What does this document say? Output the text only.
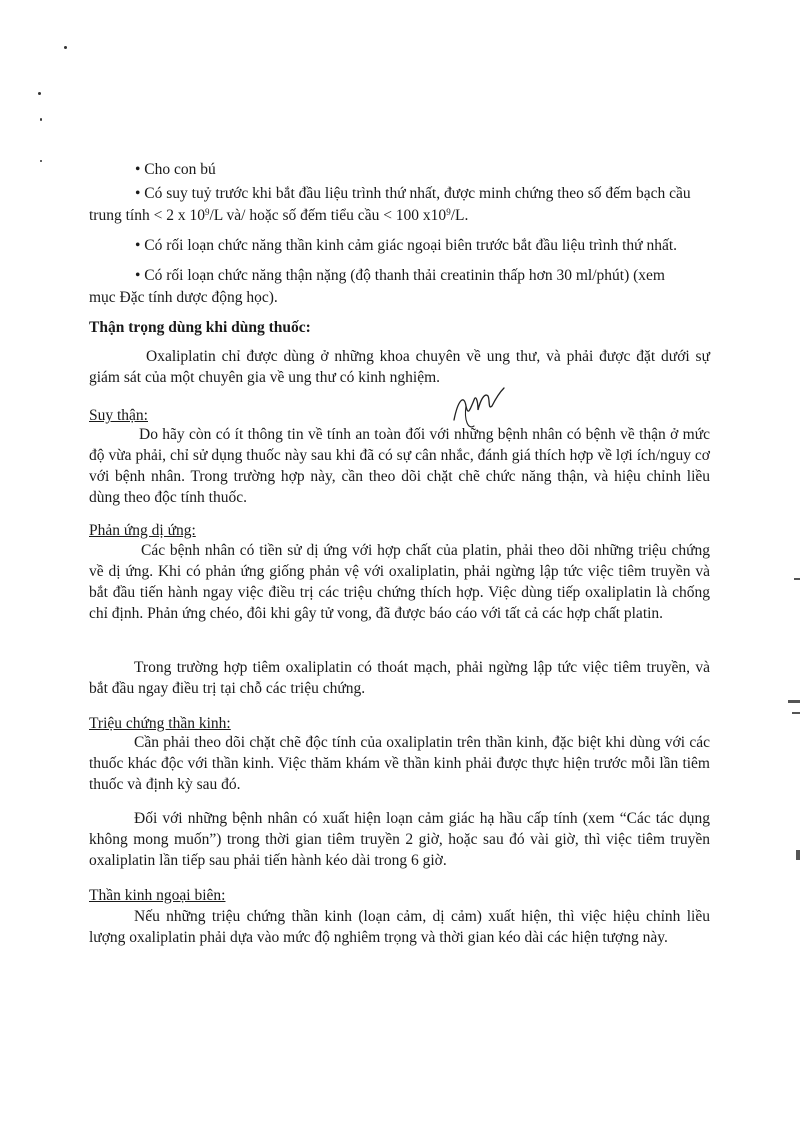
• Cho con bú
• Có suy tuỷ trước khi bắt đầu liệu trình thứ nhất, được minh chứng theo số đếm bạch cầu
trung tính < 2 x $10^9/L$ và/ hoặc số đếm tiểu cầu < 100 $x10^9/L$.
• Có rối loạn chức năng thần kinh cảm giác ngoại biên trước bắt đầu liệu trình thứ nhất.
• Có rối loạn chức năng thận nặng (độ thanh thải creatinin thấp hơn 30 ml/phút) (xem
mục Đặc tính dược động học).
Thận trọng dùng khi dùng thuốc:
Oxaliplatin chỉ được dùng ở những khoa chuyên về ung thư, và phải được đặt dưới sự giám sát của một chuyên gia về ung thư có kinh nghiệm.
Suy thận:
Do hãy còn có ít thông tin về tính an toàn đối với những bệnh nhân có bệnh về thận ở mức độ vừa phải, chỉ sử dụng thuốc này sau khi đã có sự cân nhắc, đánh giá thích hợp về lợi ích/nguy cơ với bệnh nhân. Trong trường hợp này, cần theo dõi chặt chẽ chức năng thận, và hiệu chỉnh liều dùng theo độc tính thuốc.
Phản ứng dị ứng:
Các bệnh nhân có tiền sử dị ứng với hợp chất của platin, phải theo dõi những triệu chứng về dị ứng. Khi có phản ứng giống phản vệ với oxaliplatin, phải ngừng lập tức việc tiêm truyền và bắt đầu tiến hành ngay việc điều trị các triệu chứng thích hợp. Việc dùng tiếp oxaliplatin là chống chỉ định. Phản ứng chéo, đôi khi gây tử vong, đã được báo cáo với tất cả các hợp chất platin.
Trong trường hợp tiêm oxaliplatin có thoát mạch, phải ngừng lập tức việc tiêm truyền, và bắt đầu ngay điều trị tại chỗ các triệu chứng.
Triệu chứng thần kinh:
Cần phải theo dõi chặt chẽ độc tính của oxaliplatin trên thần kinh, đặc biệt khi dùng với các thuốc khác độc với thần kinh. Việc thăm khám về thần kinh phải được thực hiện trước mỗi lần tiêm thuốc và định kỳ sau đó.
Đối với những bệnh nhân có xuất hiện loạn cảm giác hạ hầu cấp tính (xem “Các tác dụng không mong muốn”) trong thời gian tiêm truyền 2 giờ, hoặc sau đó vài giờ, thì việc tiêm truyền oxaliplatin lần tiếp sau phải tiến hành kéo dài trong 6 giờ.
Thần kinh ngoại biên:
Nếu những triệu chứng thần kinh (loạn cảm, dị cảm) xuất hiện, thì việc hiệu chỉnh liều lượng oxaliplatin phải dựa vào mức độ nghiêm trọng và thời gian kéo dài các hiện tượng này.
